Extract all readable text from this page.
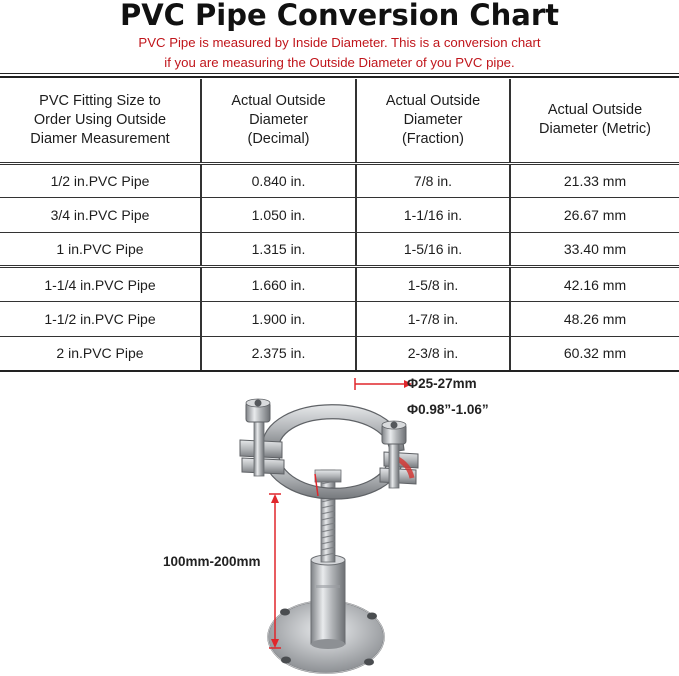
PVC Pipe Conversion Chart
PVC Pipe is measured by Inside Diameter. This is a conversion chart
if you are measuring the Outside Diameter of you PVC pipe.
PVC Fitting Size to Order Using Outside Diamer Measurement	Actual Outside Diameter (Decimal)	Actual Outside Diameter (Fraction)	Actual Outside Diameter (Metric)
1/2 in.PVC Pipe	0.840 in.	7/8 in.	21.33 mm
3/4 in.PVC Pipe	1.050 in.	1-1/16 in.	26.67 mm
1 in.PVC Pipe	1.315 in.	1-5/16 in.	33.40 mm
1-1/4 in.PVC Pipe	1.660 in.	1-5/8 in.	42.16 mm
1-1/2 in.PVC Pipe	1.900 in.	1-7/8 in.	48.26 mm
2 in.PVC Pipe	2.375 in.	2-3/8 in.	60.32 mm
Φ25-27mm
Φ0.98”-1.06”
100mm-200mm
